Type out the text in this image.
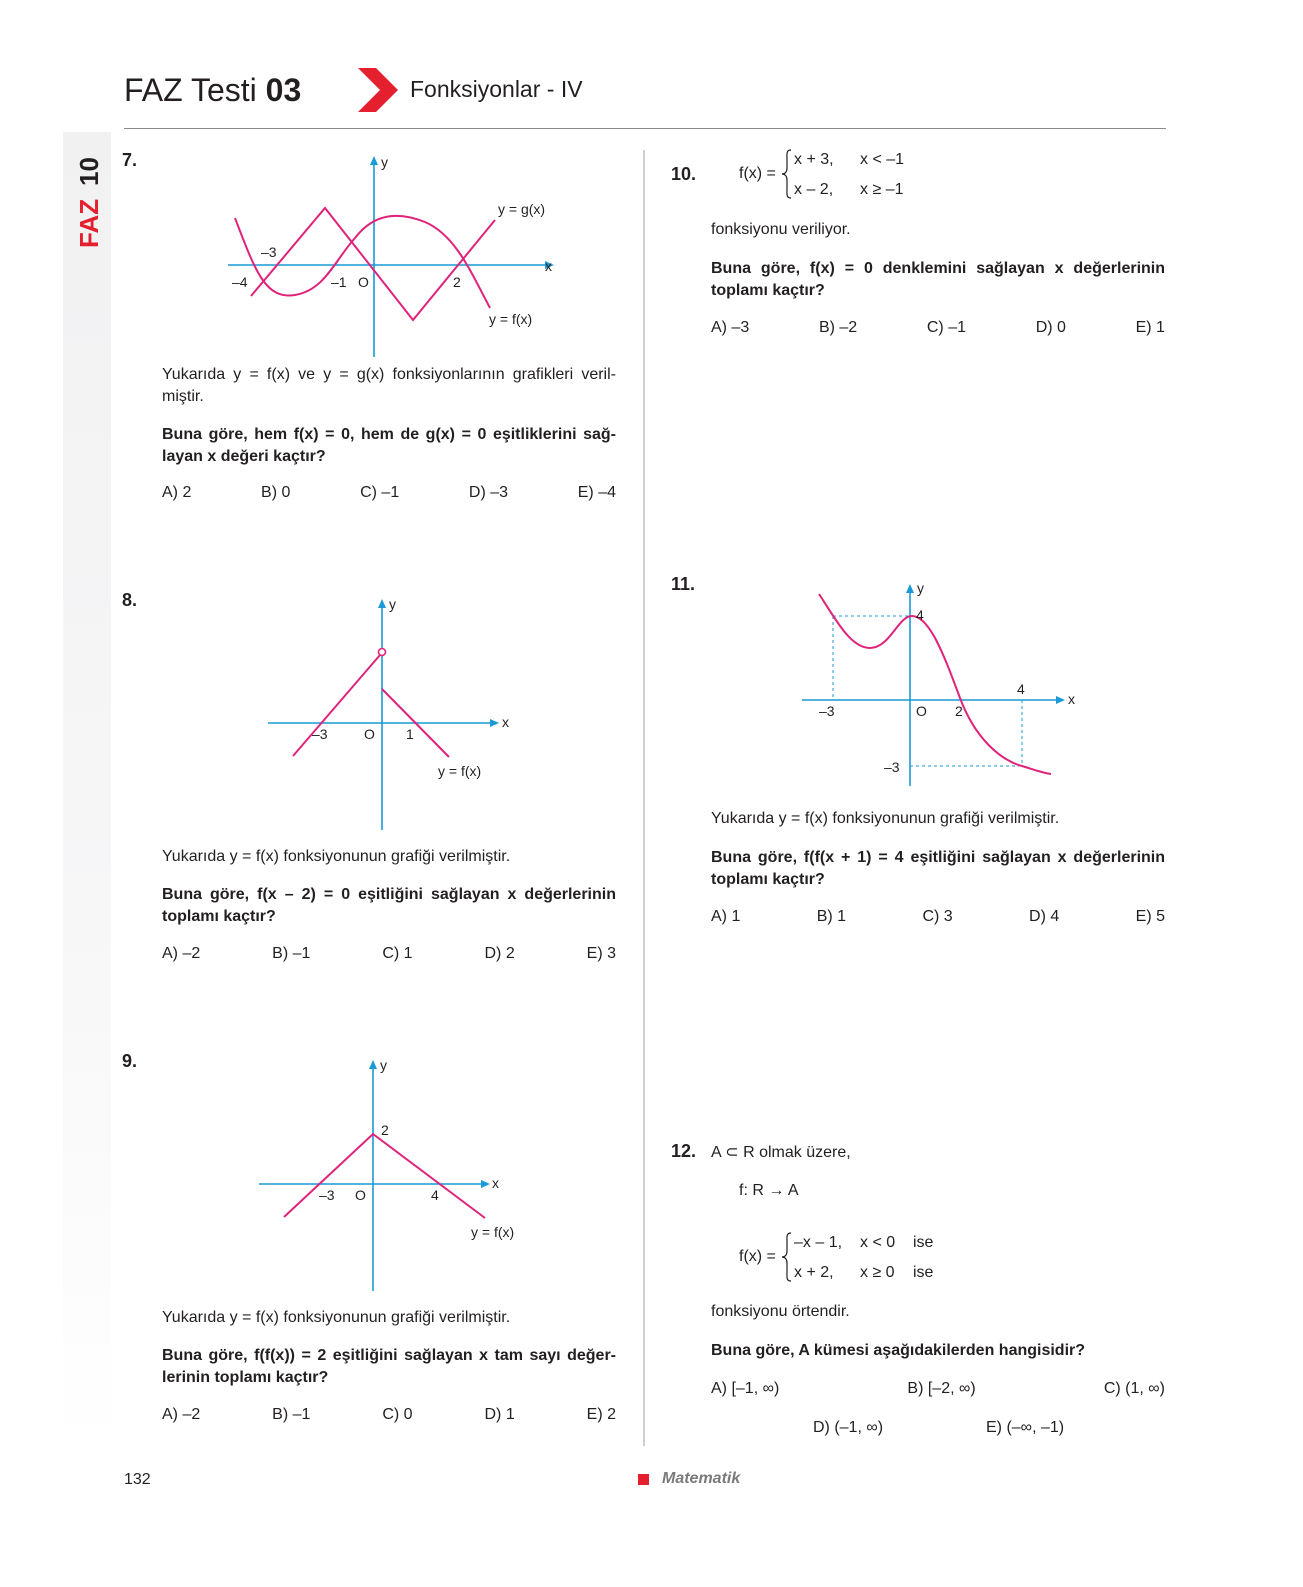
FAZ
10
FAZ Testi 03	Fonksiyonlar - IV
7.
x
y
y = g(x)
y = f(x)
–4
–3
–1 O	2
Yukarıda y = f(x) ve y = g(x) fonksiyonlarının grafikleri veril-miştir.
Buna göre, hem f(x) = 0, hem de g(x) = 0 eşitliklerini sağ-layan x değeri kaçtır?
A) 2	B) 0	C) –1	D) –3	E) –4
8.
x
y
y = f(x)
–3	O 1
Yukarıda y = f(x) fonksiyonunun grafiği verilmiştir.
Buna göre, f(x – 2) = 0 eşitliğini sağlayan x değerlerinin toplamı kaçtır?
A) –2	B) –1	C) 1	D) 2	E) 3
9.
x
y
y = f(x)
2
–3 O	4
Yukarıda y = f(x) fonksiyonunun grafiği verilmiştir.
Buna göre, f(f(x)) = 2 eşitliğini sağlayan x tam sayı değer-lerinin toplamı kaçtır?
A) –2	B) –1	C) 0	D) 1	E) 2
10.	f(x) =
x + 3, x < –1
x – 2, x ≥ –1
fonksiyonu veriliyor.
Buna göre, f(x) = 0 denklemini sağlayan x değerlerinin toplamı kaçtır?
A) –3	B) –2	C) –1	D) 0	E) 1
11.
x
y
4
4
–3	O 2
–3
Yukarıda y = f(x) fonksiyonunun grafiği verilmiştir.
Buna göre, f(f(x + 1) = 4 eşitliğini sağlayan x değerlerinin toplamı kaçtır?
A) 1	B) 1	C) 3	D) 4	E) 5
12. A ⊂ R olmak üzere,
f: R → A
f(x) =
–x – 1, x < 0 ise
x + 2, x ≥ 0 ise
fonksiyonu örtendir.
Buna göre, A kümesi aşağıdakilerden hangisidir?
A) [–1, ∞)	B) [–2, ∞)	C) (1, ∞)
D) (–1, ∞)	E) (–∞, –1)
132	Matematik
